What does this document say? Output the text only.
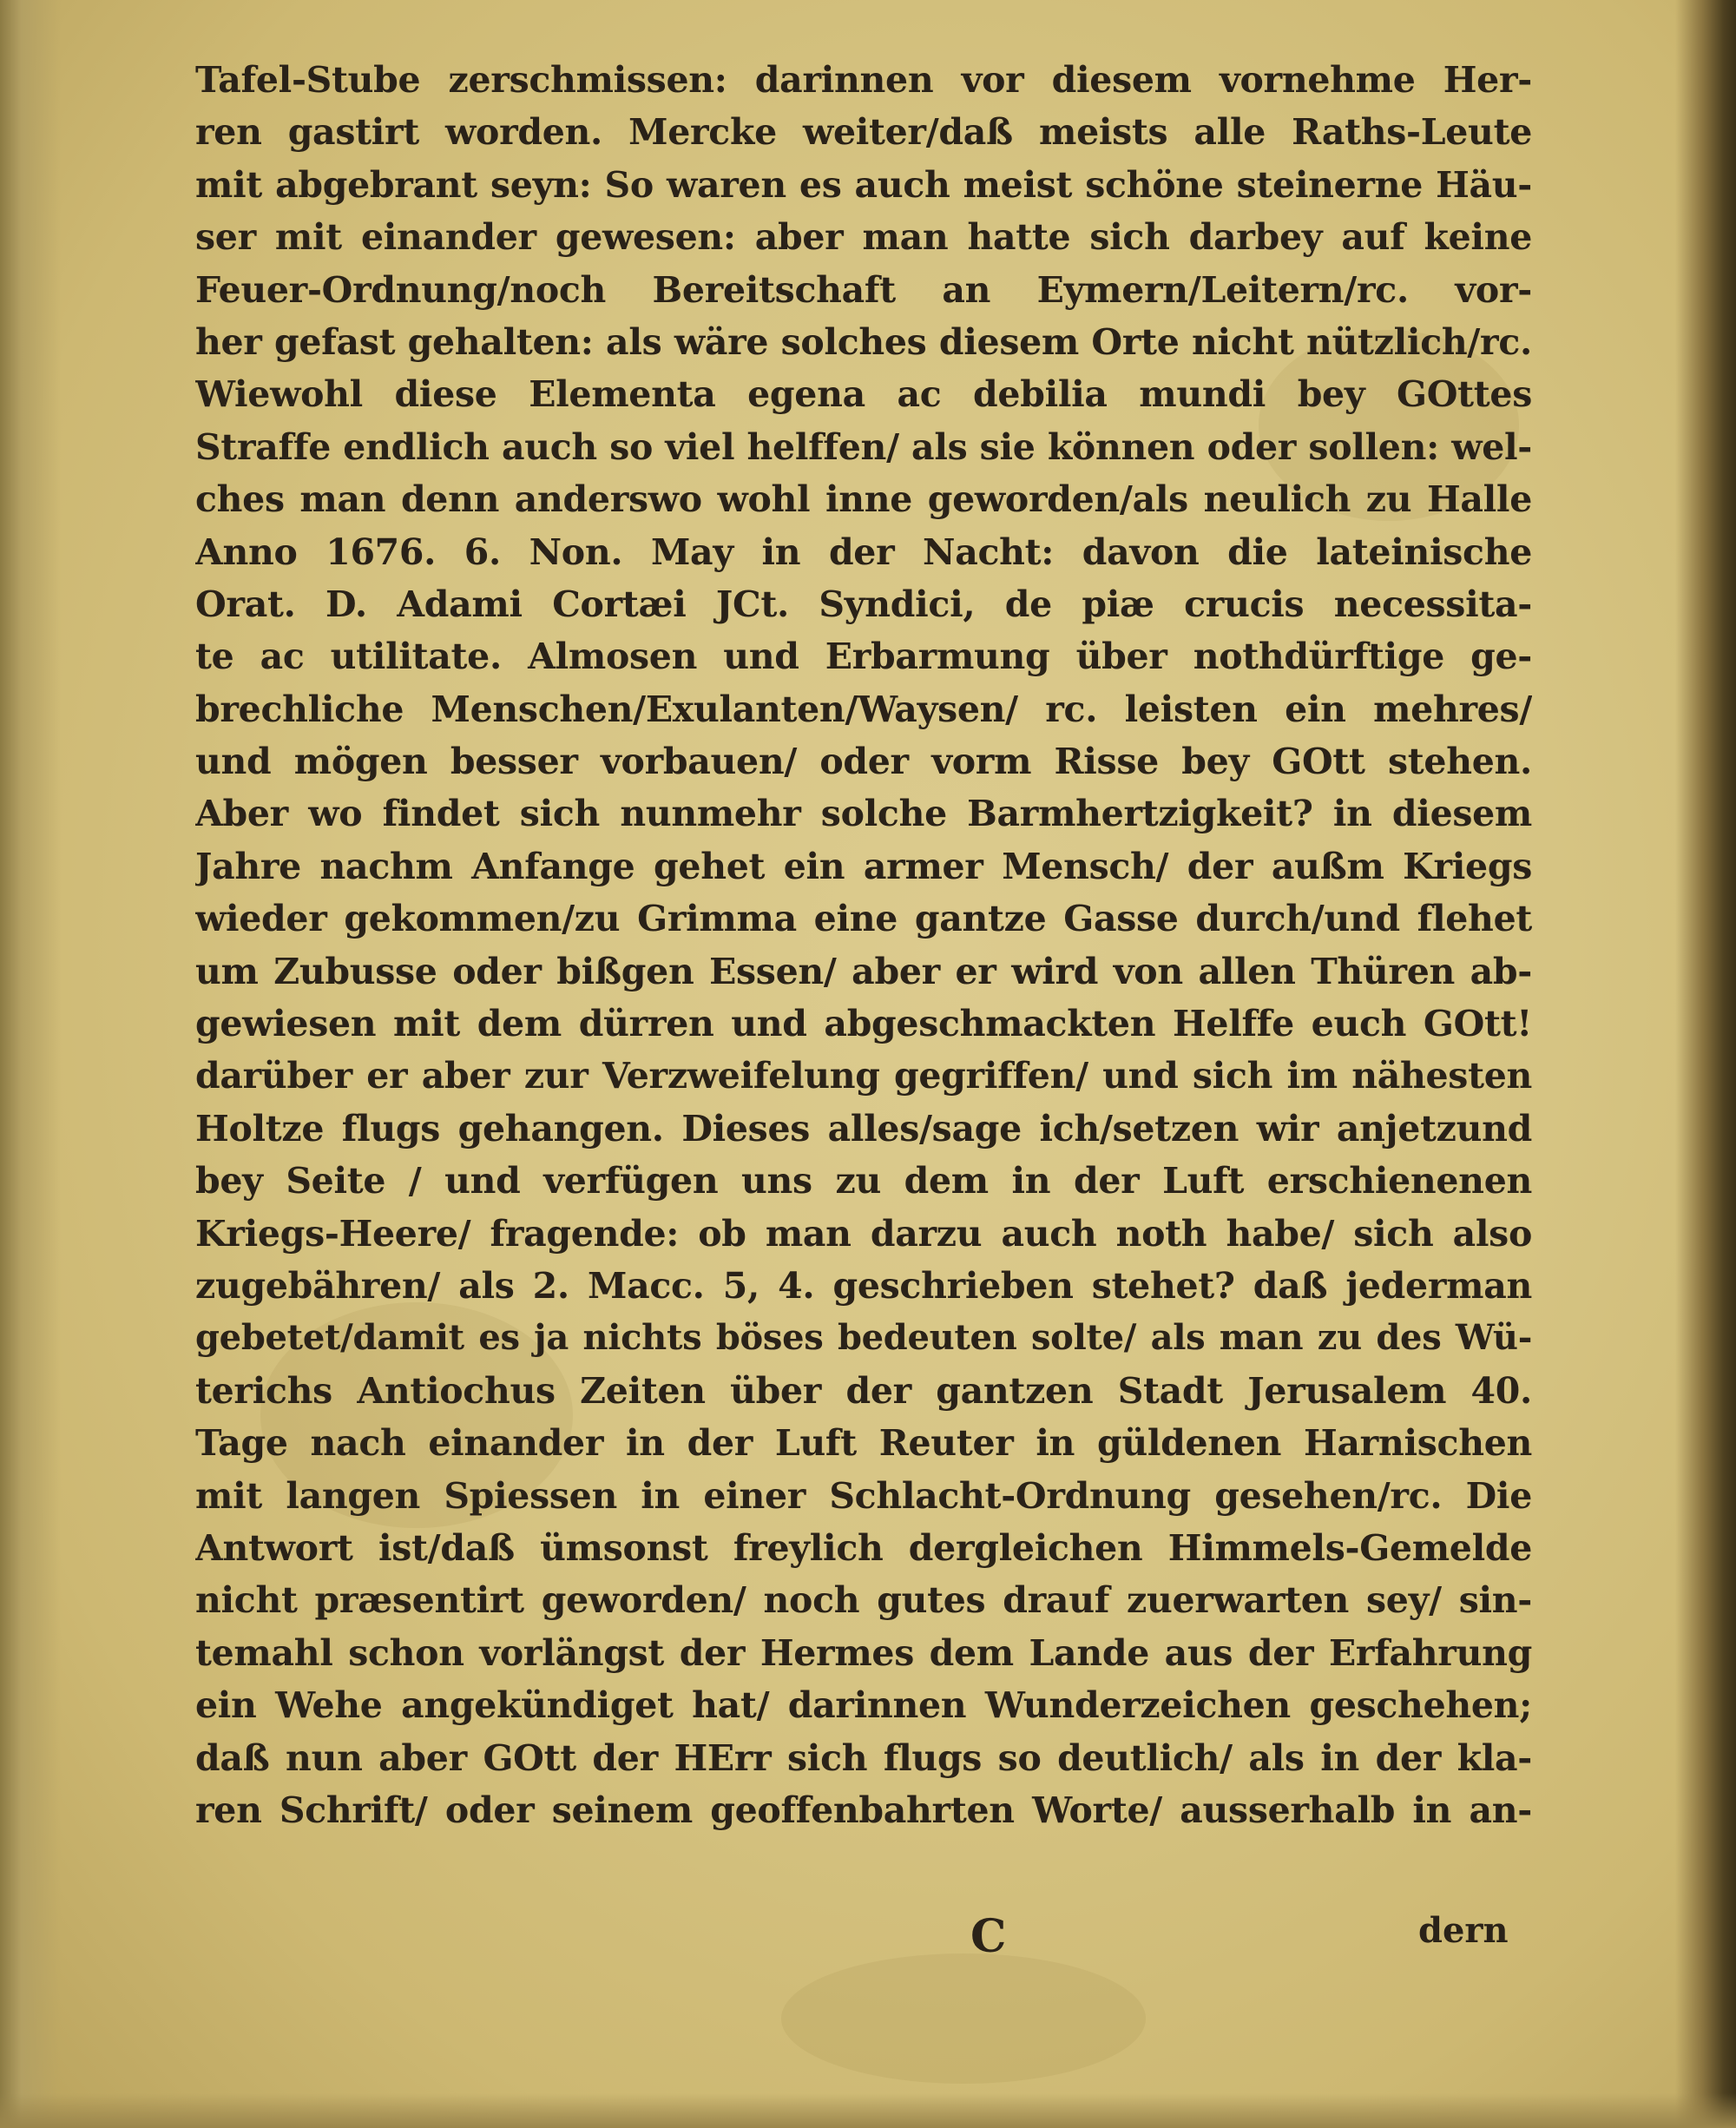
Tafel-Stube zerschmissen: darinnen vor diesem vornehme Her-
ren gastirt worden. Mercke weiter/daß meists alle Raths-Leute
mit abgebrant seyn: So waren es auch meist schöne steinerne Häu-
ser mit einander gewesen: aber man hatte sich darbey auf keine
Feuer-Ordnung/noch Bereitschaft an Eymern/Leitern/rc. vor-
her gefast gehalten: als wäre solches diesem Orte nicht nützlich/rc.
Wiewohl diese Elementa egena ac debilia mundi bey GOttes
Straffe endlich auch so viel helffen/ als sie können oder sollen: wel-
ches man denn anderswo wohl inne geworden/als neulich zu Halle
Anno 1676. 6. Non. May in der Nacht: davon die lateinische
Orat. D. Adami Cortæi JCt. Syndici, de piæ crucis necessita-
te ac utilitate. Almosen und Erbarmung über nothdürftige ge-
brechliche Menschen/Exulanten/Waysen/ rc. leisten ein mehres/
und mögen besser vorbauen/ oder vorm Risse bey GOtt stehen.
Aber wo findet sich nunmehr solche Barmhertzigkeit? in diesem
Jahre nachm Anfange gehet ein armer Mensch/ der außm Kriegs
wieder gekommen/zu Grimma eine gantze Gasse durch/und flehet
um Zubusse oder bißgen Essen/ aber er wird von allen Thüren ab-
gewiesen mit dem dürren und abgeschmackten Helffe euch GOtt!
darüber er aber zur Verzweifelung gegriffen/ und sich im nähesten
Holtze flugs gehangen. Dieses alles/sage ich/setzen wir anjetzund
bey Seite / und verfügen uns zu dem in der Luft erschienenen
Kriegs-Heere/ fragende: ob man darzu auch noth habe/ sich also
zugebähren/ als 2. Macc. 5, 4. geschrieben stehet? daß jederman
gebetet/damit es ja nichts böses bedeuten solte/ als man zu des Wü-
terichs Antiochus Zeiten über der gantzen Stadt Jerusalem 40.
Tage nach einander in der Luft Reuter in güldenen Harnischen
mit langen Spiessen in einer Schlacht-Ordnung gesehen/rc. Die
Antwort ist/daß ümsonst freylich dergleichen Himmels-Gemelde
nicht præsentirt geworden/ noch gutes drauf zuerwarten sey/ sin-
temahl schon vorlängst der Hermes dem Lande aus der Erfahrung
ein Wehe angekündiget hat/ darinnen Wunderzeichen geschehen;
daß nun aber GOtt der HErr sich flugs so deutlich/ als in der kla-
ren Schrift/ oder seinem geoffenbahrten Worte/ ausserhalb in an-
C	dern
